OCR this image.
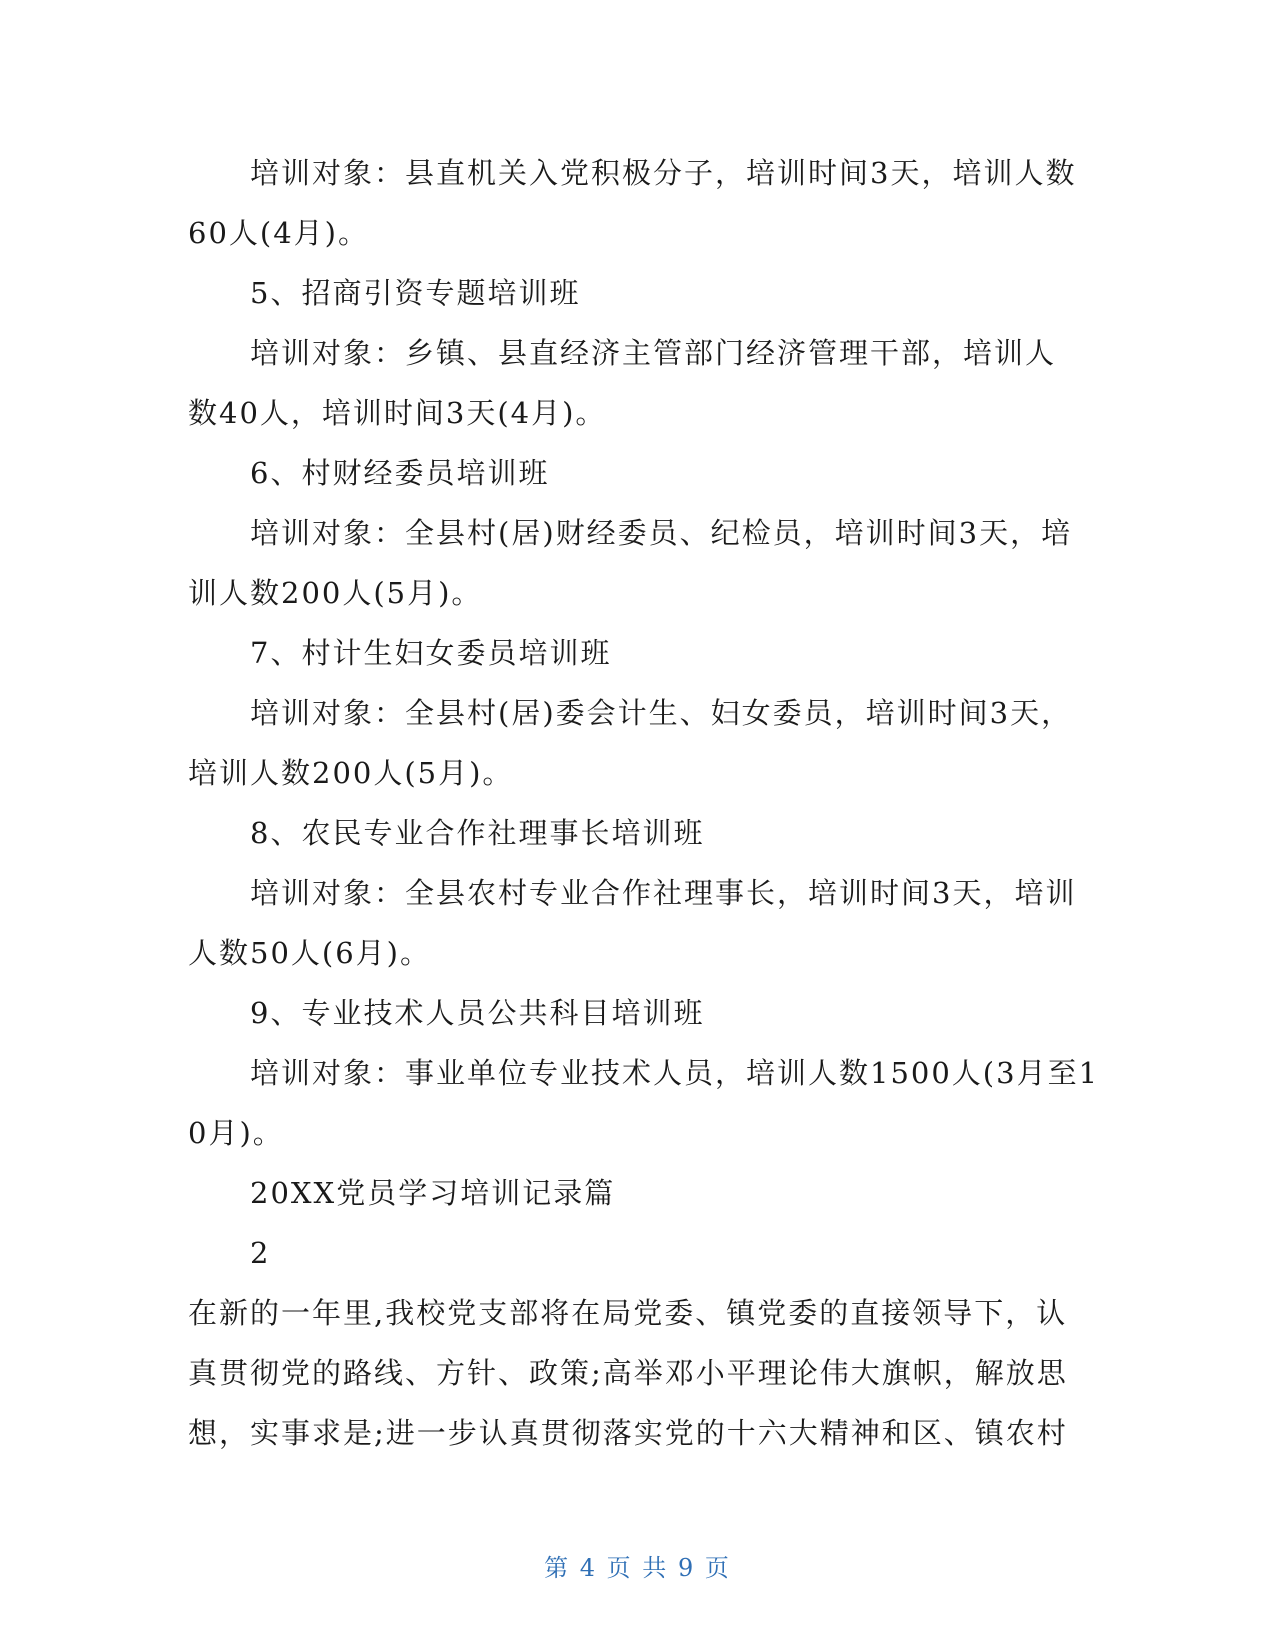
培训对象：县直机关入党积极分子，培训时间3天，培训人数
60人(4月)。
5、招商引资专题培训班
培训对象：乡镇、县直经济主管部门经济管理干部，培训人
数40人，培训时间3天(4月)。
6、村财经委员培训班
培训对象：全县村(居)财经委员、纪检员，培训时间3天，培
训人数200人(5月)。
7、村计生妇女委员培训班
培训对象：全县村(居)委会计生、妇女委员，培训时间3天，
培训人数200人(5月)。
8、农民专业合作社理事长培训班
培训对象：全县农村专业合作社理事长，培训时间3天，培训
人数50人(6月)。
9、专业技术人员公共科目培训班
培训对象：事业单位专业技术人员，培训人数1500人(3月至1
0月)。
20XX党员学习培训记录篇
2
在新的一年里,我校党支部将在局党委、镇党委的直接领导下，认
真贯彻党的路线、方针、政策;高举邓小平理论伟大旗帜，解放思
想，实事求是;进一步认真贯彻落实党的十六大精神和区、镇农村
第 4 页 共 9 页
